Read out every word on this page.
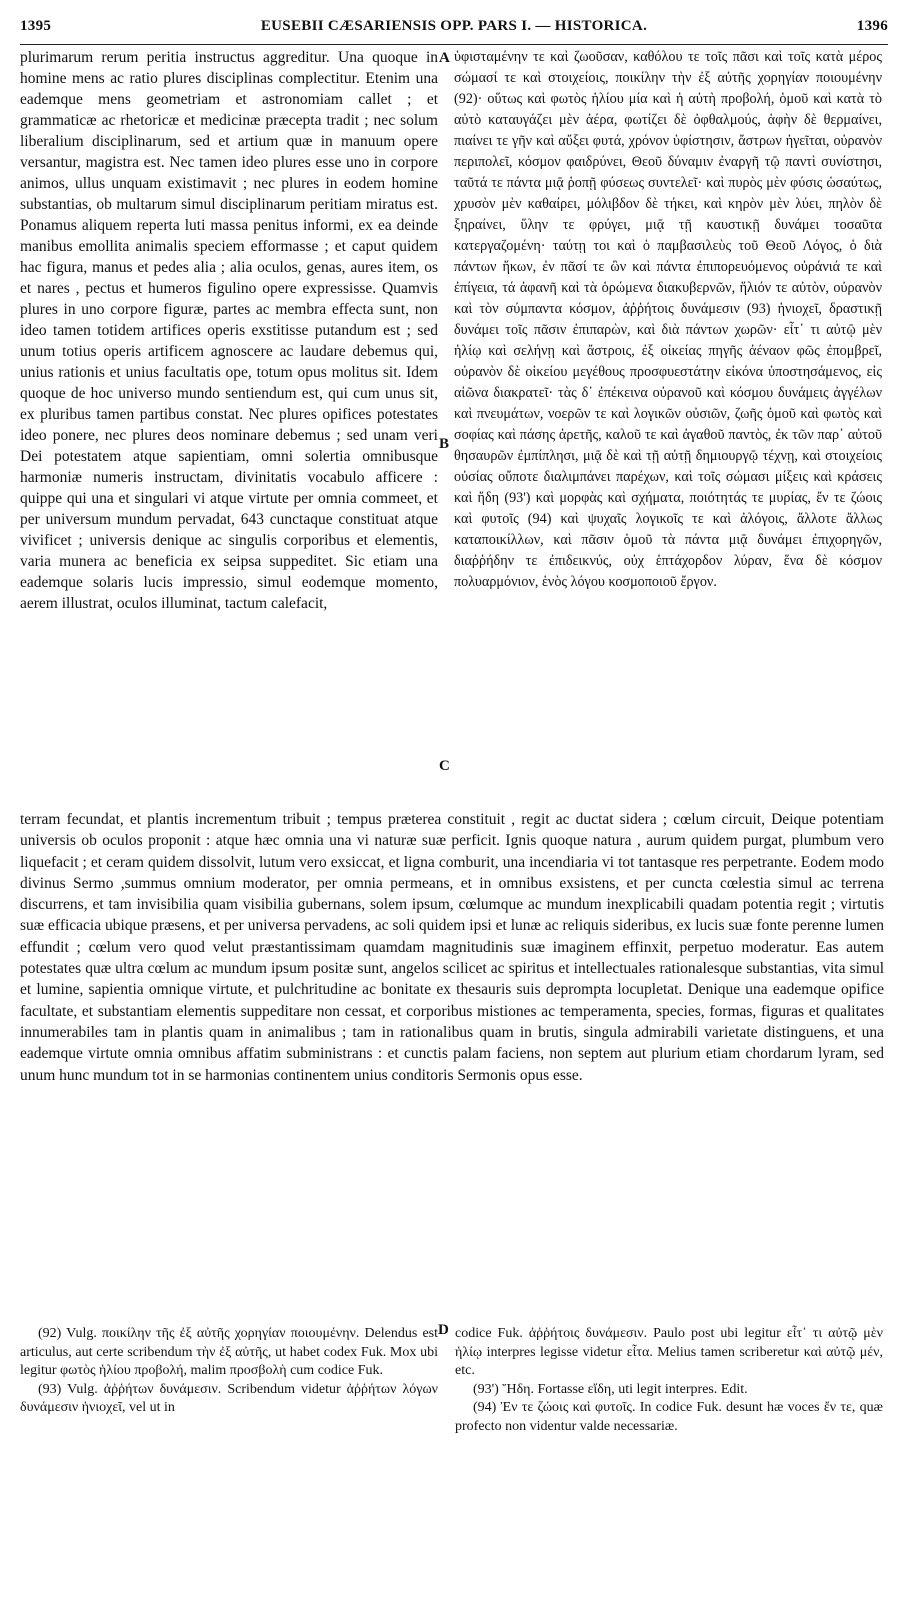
EUSEBII CÆSARIENSIS OPP. PARS I. — HISTORICA.
1395	1396

plurimarum rerum peritia instructus aggreditur. Una quoque in homine mens ac ratio plures disciplinas complectitur. Etenim una eademque mens geometriam et astronomiam callet ; et grammaticæ ac rhetoricæ et medicinæ præcepta tradit ; nec solum liberalium disciplinarum, sed et artium quæ in manuum opere versantur, magistra est. Nec tamen ideo plures esse uno in corpore animos, ullus unquam existimavit ; nec plures in eodem homine substantias, ob multarum simul disciplinarum peritiam miratus est. Ponamus aliquem reperta luti massa penitus informi, ex ea deinde manibus emollita animalis speciem efformasse ; et caput quidem hac figura, manus et pedes alia ; alia oculos, genas, aures item, os et nares , pectus et humeros figulino opere expressisse. Quamvis plures in uno corpore figuræ, partes ac membra effecta sunt, non ideo tamen totidem artifices operis exstitisse putandum est ; sed unum totius operis artificem agnoscere ac laudare debemus qui, unius rationis et unius facultatis ope, totum opus molitus sit. Idem quoque de hoc universo mundo sentiendum est, qui cum unus sit, ex pluribus tamen partibus constat. Nec plures opifices potestates ideo ponere, nec plures deos nominare debemus ; sed unam veri Dei potestatem atque sapientiam, omni solertia omnibusque harmoniæ numeris instructam, divinitatis vocabulo afficere : quippe qui una et singulari vi atque virtute per omnia commeet, et per universum mundum pervadat, 643 cunctaque constituat atque vivificet ; universis denique ac singulis corporibus et elementis, varia munera ac beneficia ex seipsa suppeditet. Sic etiam una eademque solaris lucis impressio, simul eodemque momento, aerem illustrat, oculos illuminat, tactum calefacit,

A
B
C

ὑφισταμένην τε καὶ ζωοῦσαν, καθόλου τε τοῖς πᾶσι καὶ τοῖς κατὰ μέρος σώμασί τε καὶ στοιχείοις, ποικίλην τὴν ἐξ αὐτῆς χορηγίαν ποιουμένην (92)· οὕτως καὶ φωτὸς ἡλίου μία καὶ ἡ αὐτὴ προβολή, ὁμοῦ καὶ κατὰ τὸ αὐτὸ καταυγάζει μὲν ἀέρα, φωτίζει δὲ ὀφθαλμούς, ἁφὴν δὲ θερμαίνει, πιαίνει τε γῆν καὶ αὔξει φυτά, χρόνον ὑφίστησιν, ἄστρων ἡγεῖται, οὐρανὸν περιπολεῖ, κόσμον φαιδρύνει, Θεοῦ δύναμιν ἐναργῆ τῷ παντὶ συνίστησι, ταῦτά τε πάντα μιᾷ ῥοπῇ φύσεως συντελεῖ· καὶ πυρὸς μὲν φύσις ὡσαύτως, χρυσὸν μὲν καθαίρει, μόλιβδον δὲ τήκει, καὶ κηρὸν μὲν λύει, πηλὸν δὲ ξηραίνει, ὕλην τε φρύγει, μιᾷ τῇ καυστικῇ δυνάμει τοσαῦτα κατεργαζομένη· ταύτῃ τοι καὶ ὁ παμβασιλεὺς τοῦ Θεοῦ Λόγος, ὁ διὰ πάντων ἥκων, ἐν πᾶσί τε ὢν καὶ πάντα ἐπιπορευόμενος οὐράνιά τε καὶ ἐπίγεια, τά ἀφανῆ καὶ τὰ ὁρώμενα διακυβερνῶν, ἥλιόν τε αὐτὸν, οὐρανὸν καὶ τὸν σύμπαντα κόσμον, ἀῤῥήτοις δυνάμεσιν (93) ἡνιοχεῖ, δραστικῇ δυνάμει τοῖς πᾶσιν ἐπιπαρὼν, καὶ διὰ πάντων χωρῶν· εἶτ᾽ τι αὐτῷ μὲν ἡλίῳ καὶ σελήνῃ καὶ ἄστροις, ἐξ οἰκείας πηγῆς ἀέναον φῶς ἐπομβρεῖ, οὐρανὸν δὲ οἰκείου μεγέθους προσφυεστάτην εἰκόνα ὑποστησάμενος, εἰς αἰῶνα διακρατεῖ· τὰς δ᾽ ἐπέκεινα οὐρανοῦ καὶ κόσμου δυνάμεις ἀγγέλων καὶ πνευμάτων, νοερῶν τε καὶ λογικῶν οὐσιῶν, ζωῆς ὁμοῦ καὶ φωτὸς καὶ σοφίας καὶ πάσης ἀρετῆς, καλοῦ τε καὶ ἀγαθοῦ παντὸς, ἐκ τῶν παρ᾽ αὐτοῦ θησαυρῶν ἐμπίπλησι, μιᾷ δὲ καὶ τῇ αὐτῇ δημιουργῷ τέχνῃ, καὶ στοιχείοις οὐσίας οὔποτε διαλιμπάνει παρέχων, καὶ τοῖς σώμασι μίξεις καὶ κράσεις καὶ ἤδη (93') καὶ μορφὰς καὶ σχήματα, ποιότητάς τε μυρίας, ἔν τε ζώοις καὶ φυτοῖς (94) καὶ ψυχαῖς λογικοῖς τε καὶ ἀλόγοις, ἄλλοτε ἄλλως καταποικίλλων, καὶ πᾶσιν ὁμοῦ τὰ πάντα μιᾷ δυνάμει ἐπιχορηγῶν, διαῤῥήδην τε ἐπιδεικνύς, οὐχ ἑπτάχορδον λύραν, ἕνα δὲ κόσμον πολυαρμόνιον, ἑνὸς λόγου κοσμοποιοῦ ἔργον.

terram fecundat, et plantis incrementum tribuit ; tempus præterea constituit , regit ac ductat sidera ; cœlum circuit, Deique potentiam universis ob oculos proponit : atque hæc omnia una vi naturæ suæ perficit. Ignis quoque natura , aurum quidem purgat, plumbum vero liquefacit ; et ceram quidem dissolvit, lutum vero exsiccat, et ligna comburit, una incendiaria vi tot tantasque res perpetrante. Eodem modo divinus Sermo ,summus omnium moderator, per omnia permeans, et in omnibus exsistens, et per cuncta cœlestia simul ac terrena discurrens, et tam invisibilia quam visibilia gubernans, solem ipsum, cœlumque ac mundum inexplicabili quadam potentia regit ; virtutis suæ efficacia ubique præsens, et per universa pervadens, ac soli quidem ipsi et lunæ ac reliquis sideribus, ex lucis suæ fonte perenne lumen effundit ; cœlum vero quod velut præstantissimam quamdam magnitudinis suæ imaginem effinxit, perpetuo moderatur. Eas autem potestates quæ ultra cœlum ac mundum ipsum positæ sunt, angelos scilicet ac spiritus et intellectuales rationalesque substantias, vita simul et lumine, sapientia omnique virtute, et pulchritudine ac bonitate ex thesauris suis deprompta locupletat. Denique una eademque opifice facultate, et substantiam elementis suppeditare non cessat, et corporibus mistiones ac temperamenta, species, formas, figuras et qualitates innumerabiles tam in plantis quam in animalibus ; tam in rationalibus quam in brutis, singula admirabili varietate distinguens, et una eademque virtute omnia omnibus affatim subministrans : et cunctis palam faciens, non septem aut plurium etiam chordarum lyram, sed unum hunc mundum tot in se harmonias continentem unius conditoris Sermonis opus esse.

D

(92) Vulg. ποικίλην τῆς ἐξ αὐτῆς χορηγίαν ποιουμένην. Delendus est articulus, aut certe scribendum τὴν ἐξ αὐτῆς, ut habet codex Fuk. Mox ubi legitur φωτὸς ἡλίου προβολή, malim προσβολὴ cum codice Fuk.

(93) Vulg. ἀῤῥήτων δυνάμεσιν. Scribendum videtur ἀῤῥήτων λόγων δυνάμεσιν ἡνιοχεῖ, vel ut in

codice Fuk. ἀῤῥήτοις δυνάμεσιν. Paulo post ubi legitur εἶτ᾽ τι αὐτῷ μὲν ἡλίῳ interpres legisse videtur εἶτα. Melius tamen scriberetur καὶ αὐτῷ μέν, etc.

(93') Ἤδη. Fortasse εἴδη, uti legit interpres. Edit.

(94) Ἐν τε ζώοις καὶ φυτοῖς. In codice Fuk. desunt hæ voces ἔν τε, quæ profecto non videntur valde necessariæ.
